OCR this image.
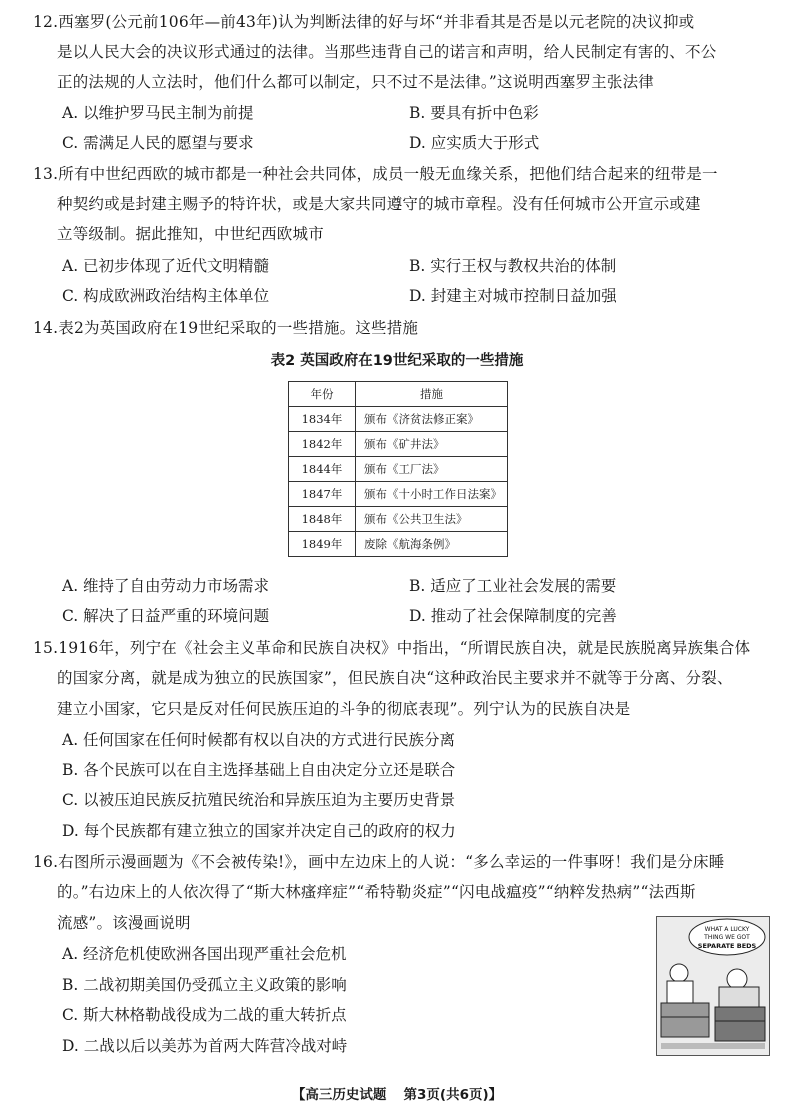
12.西塞罗(公元前106年—前43年)认为判断法律的好与坏“并非看其是否是以元老院的决议抑或
是以人民大会的决议形式通过的法律。当那些违背自己的诺言和声明，给人民制定有害的、不公
正的法规的人立法时，他们什么都可以制定，只不过不是法律。”这说明西塞罗主张法律
A. 以维护罗马民主制为前提	B. 要具有折中色彩
C. 需满足人民的愿望与要求	D. 应实质大于形式
13.所有中世纪西欧的城市都是一种社会共同体，成员一般无血缘关系，把他们结合起来的纽带是一
种契约或是封建主赐予的特许状，或是大家共同遵守的城市章程。没有任何城市公开宣示或建
立等级制。据此推知，中世纪西欧城市
A. 已初步体现了近代文明精髓	B. 实行王权与教权共治的体制
C. 构成欧洲政治结构主体单位	D. 封建主对城市控制日益加强
14.表2为英国政府在19世纪采取的一些措施。这些措施
表2 英国政府在19世纪采取的一些措施
年份	措施
1834年	颁布《济贫法修正案》
1842年	颁布《矿井法》
1844年	颁布《工厂法》
1847年	颁布《十小时工作日法案》
1848年	颁布《公共卫生法》
1849年	废除《航海条例》
A. 维持了自由劳动力市场需求	B. 适应了工业社会发展的需要
C. 解决了日益严重的环境问题	D. 推动了社会保障制度的完善
15.1916年，列宁在《社会主义革命和民族自决权》中指出，“所谓民族自决，就是民族脱离异族集合体
的国家分离，就是成为独立的民族国家”，但民族自决“这种政治民主要求并不就等于分离、分裂、
建立小国家，它只是反对任何民族压迫的斗争的彻底表现”。列宁认为的民族自决是
A. 任何国家在任何时候都有权以自决的方式进行民族分离
B. 各个民族可以在自主选择基础上自由决定分立还是联合
C. 以被压迫民族反抗殖民统治和异族压迫为主要历史背景
D. 每个民族都有建立独立的国家并决定自己的政府的权力
16.右图所示漫画题为《不会被传染!》，画中左边床上的人说：“多么幸运的一件事呀！我们是分床睡
的。”右边床上的人依次得了“斯大林瘙痒症”“希特勒炎症”“闪电战瘟疫”“纳粹发热病”“法西斯
流感”。该漫画说明
A. 经济危机使欧洲各国出现严重社会危机
B. 二战初期美国仍受孤立主义政策的影响
C. 斯大林格勒战役成为二战的重大转折点
D. 二战以后以美苏为首两大阵营冷战对峙
WHAT A LUCKY
THING WE GOT
SEPARATE BEDS
【高三历史试题 第3页(共6页)】
